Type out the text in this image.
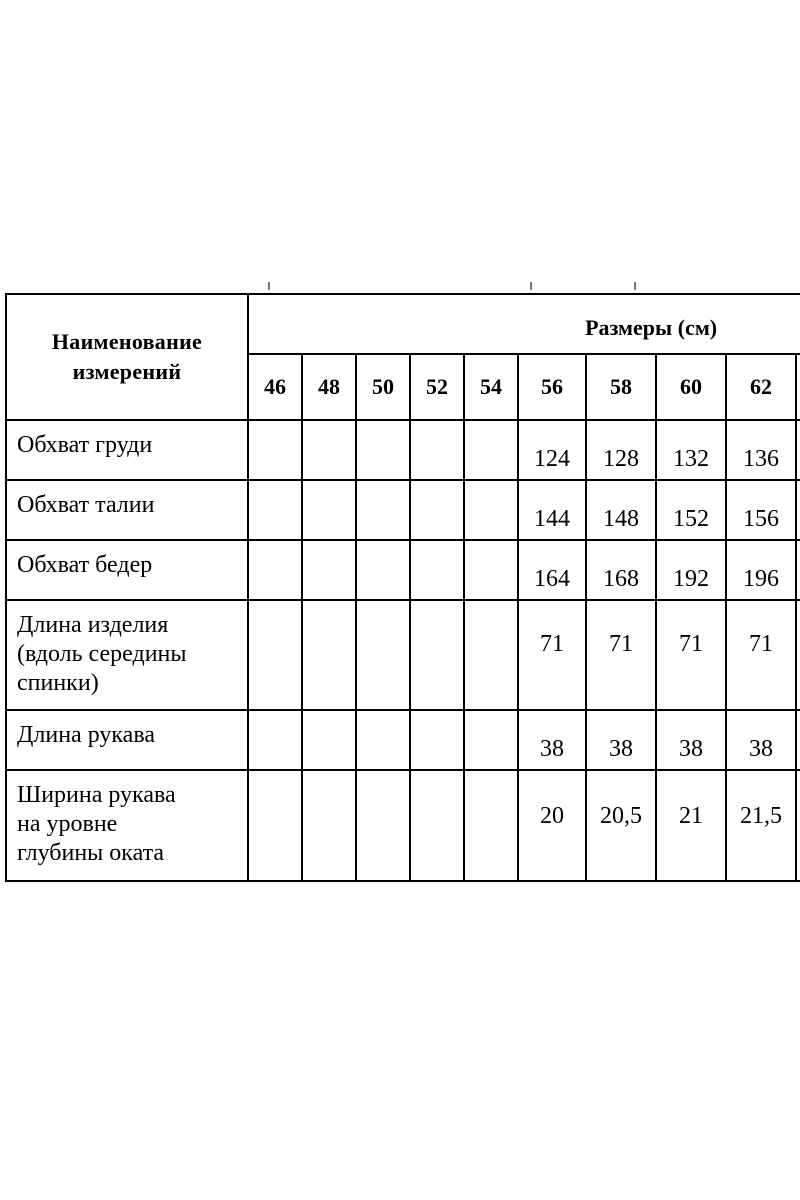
Наименование
измерений	Размеры (см)									
	46	48	50	52	54	56	58	60	62	

Обхват груди						124	128	132	136	

Обхват талии						144	148	152	156	

Обхват бедер						164	168	192	196	

Длина изделия
(вдоль середины
спинки)						71	71	71	71	

Длина рукава						38	38	38	38	

Ширина рукава
на уровне
глубины оката						20	20,5	21	21,5	
